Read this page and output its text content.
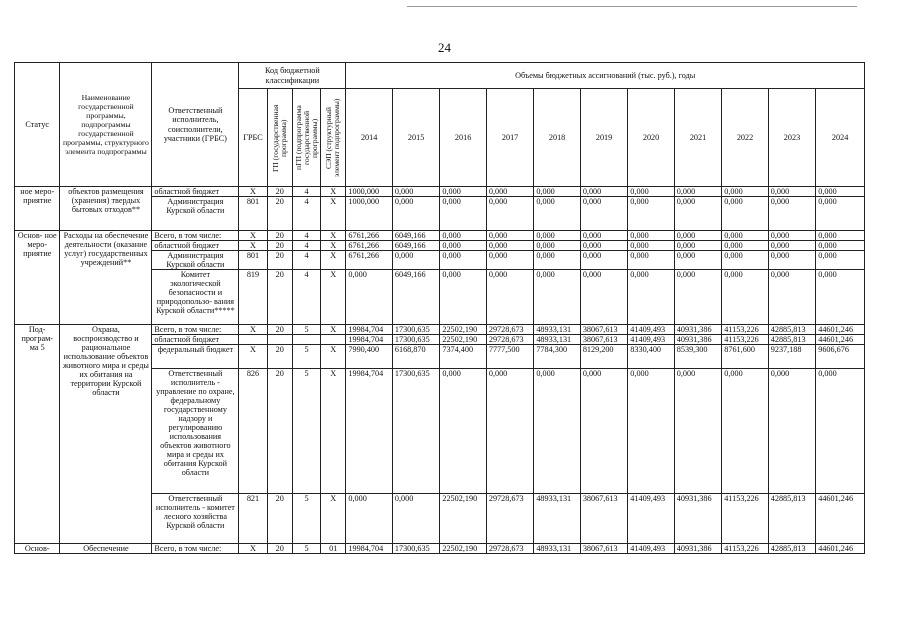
24
Статус	Наименование государственной программы, подпрограммы государственной программы, структурного элемента подпрограммы	Ответственный исполнитель, соисполнители, участники (ГРБС)	Код бюджетной классификации				Объемы бюджетных ассигнований (тыс. руб.), годы										
			ГРБС	ГП (государственная программа)	пГП (подпрограмма государственной программы)	СЭП (структурный элемент подпрограммы)	2014	2015	2016	2017	2018	2019	2020	2021	2022	2023	2024
ное меро- приятие	объектов размещения (хранения) твердых бытовых отходов**	областной бюджет	X	20	4	X	1000,000	0,000	0,000	0,000	0,000	0,000	0,000	0,000	0,000	0,000	0,000
		Администрация Курской области	801	20	4	X	1000,000	0,000	0,000	0,000	0,000	0,000	0,000	0,000	0,000	0,000	0,000
Основ- ное меро- приятие	Расходы на обеспечение деятельности (оказание услуг) государственных учреждений**	Всего, в том числе:	X	20	4	X	6761,266	6049,166	0,000	0,000	0,000	0,000	0,000	0,000	0,000	0,000	0,000
		областной бюджет	X	20	4	X	6761,266	6049,166	0,000	0,000	0,000	0,000	0,000	0,000	0,000	0,000	0,000
		Администрация Курской области	801	20	4	X	6761,266	0,000	0,000	0,000	0,000	0,000	0,000	0,000	0,000	0,000	0,000
		Комитет экологической безопасности и природопользо- вания Курской области*****	819	20	4	X	0,000	6049,166	0,000	0,000	0,000	0,000	0,000	0,000	0,000	0,000	0,000
Под- програм- ма 5	Охрана, воспроизводство и рациональное использование объектов животного мира и среды их обитания на территории Курской области	Всего, в том числе:	X	20	5	X	19984,704	17300,635	22502,190	29728,673	48933,131	38067,613	41409,493	40931,386	41153,226	42885,813	44601,246
		областной бюджет					19984,704	17300,635	22502,190	29728,673	48933,131	38067,613	41409,493	40931,386	41153,226	42885,813	44601,246
		федеральный бюджет	X	20	5	X	7990,400	6168,870	7374,400	7777,500	7784,300	8129,200	8330,400	8539,300	8761,600	9237,188	9606,676
		Ответственный исполнитель - управление по охране, федеральному государственному надзору и регулированию использования объектов животного мира и среды их обитания Курской области	826	20	5	X	19984,704	17300,635	0,000	0,000	0,000	0,000	0,000	0,000	0,000	0,000	0,000
		Ответственный исполнитель - комитет лесного хозяйства Курской области	821	20	5	X	0,000	0,000	22502,190	29728,673	48933,131	38067,613	41409,493	40931,386	41153,226	42885,813	44601,246
Основ-	Обеспечение	Всего, в том числе:	X	20	5	01	19984,704	17300,635	22502,190	29728,673	48933,131	38067,613	41409,493	40931,386	41153,226	42885,813	44601,246
